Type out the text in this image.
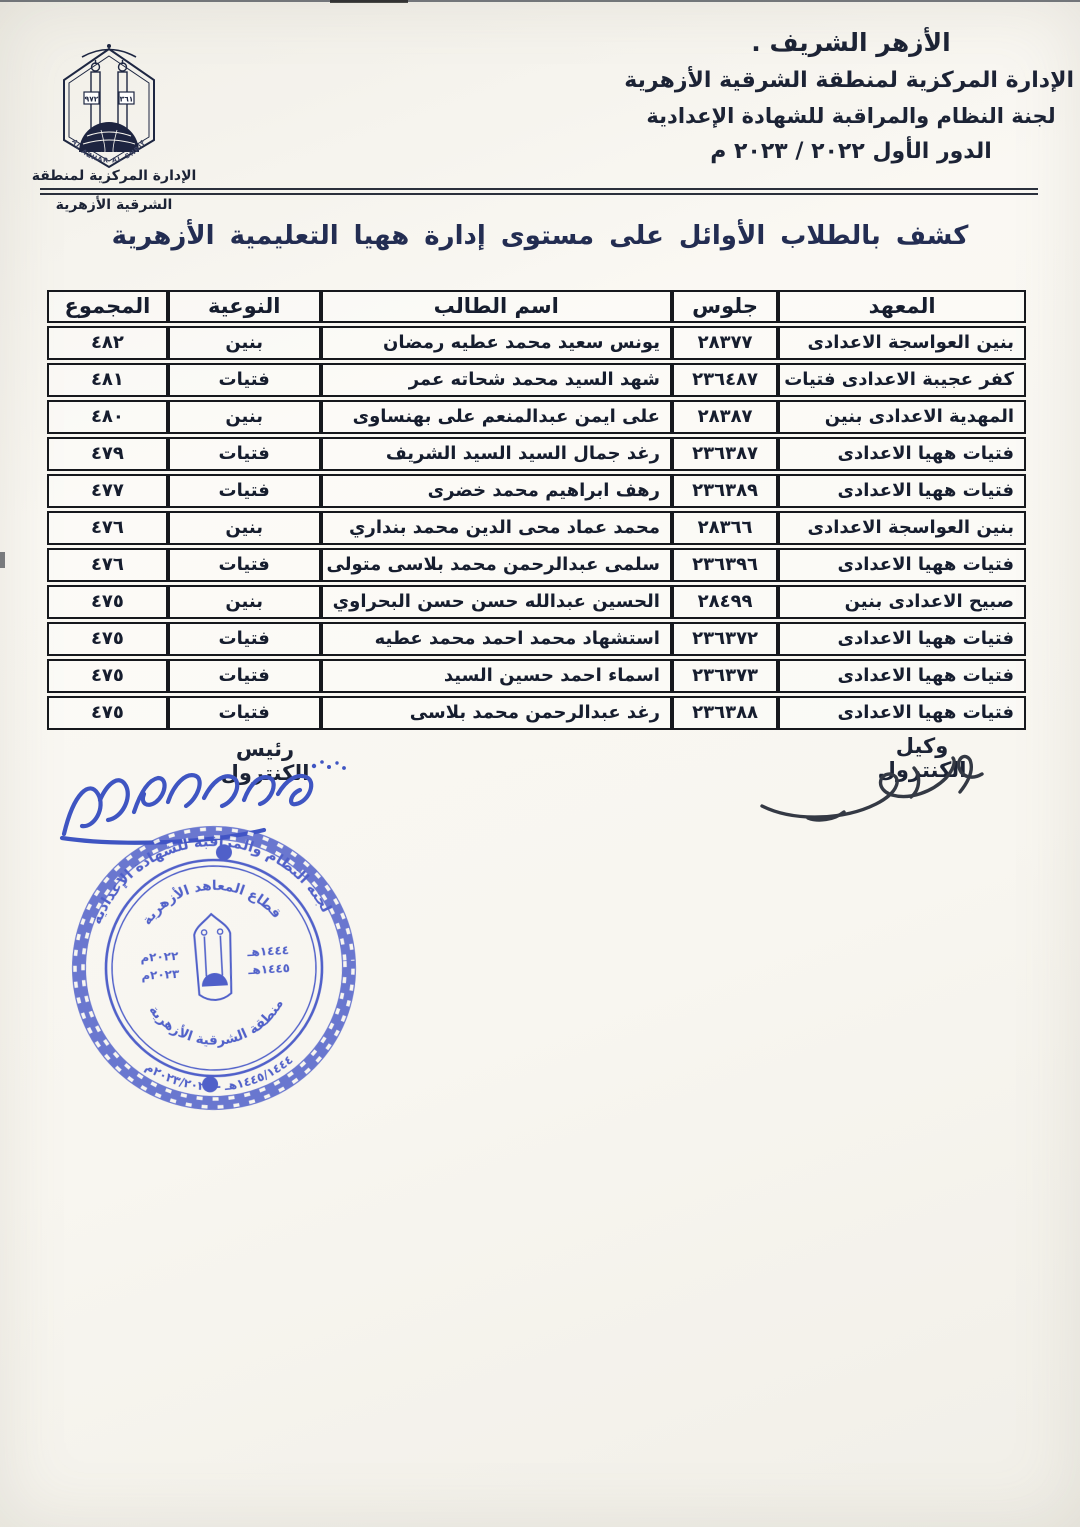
الأزهر الشريف .
الإدارة المركزية لمنطقة الشرقية الأزهرية
لجنة النظام والمراقبة للشهادة الإعدادية
الدور الأول ٢٠٢٢ / ٢٠٢٣ م
٩٧٢	٣٦١
AL AZHAR AL SHRIF
الإدارة المركزية لمنطقة
الشرقية الأزهرية
كشف بالطلاب الأوائل على مستوى إدارة ههيا التعليمية الأزهرية
المعهد	جلوس	اسم الطالب	النوعية	المجموع
بنين العواسجة الاعدادى	٢٨٣٧٧	يونس سعيد محمد عطيه رمضان	بنين	٤٨٢
كفر عجيبة الاعدادى فتيات	٢٣٦٤٨٧	شهد السيد محمد شحاته عمر	فتيات	٤٨١
المهدية الاعدادى بنين	٢٨٣٨٧	على ايمن عبدالمنعم على بهنساوى	بنين	٤٨٠
فتيات ههيا الاعدادى	٢٣٦٣٨٧	رغد جمال السيد السيد الشريف	فتيات	٤٧٩
فتيات ههيا الاعدادى	٢٣٦٣٨٩	رهف ابراهيم محمد خضرى	فتيات	٤٧٧
بنين العواسجة الاعدادى	٢٨٣٦٦	محمد عماد محى الدين محمد بنداري	بنين	٤٧٦
فتيات ههيا الاعدادى	٢٣٦٣٩٦	سلمى عبدالرحمن محمد بلاسى متولى	فتيات	٤٧٦
صبيح الاعدادى بنين	٢٨٤٩٩	الحسين عبدالله حسن حسن البحراوي	بنين	٤٧٥
فتيات ههيا الاعدادى	٢٣٦٣٧٢	استشهاد محمد احمد محمد عطيه	فتيات	٤٧٥
فتيات ههيا الاعدادى	٢٣٦٣٧٣	اسماء احمد حسين السيد	فتيات	٤٧٥
فتيات ههيا الاعدادى	٢٣٦٣٨٨	رغد عبدالرحمن محمد بلاسى	فتيات	٤٧٥
وكيل الكنترول
رئيس الكنترول
لجنة النظام والمراقبة للشهادة الإعدادية
١٤٤٥/١٤٤٤هـ - ٢٠٢٣/٢٠٢٢م
قطاع المعاهد الأزهرية
منطقة الشرقية الأزهرية
٢٠٢٢م
٢٠٢٣م
١٤٤٤هـ
١٤٤٥هـ
